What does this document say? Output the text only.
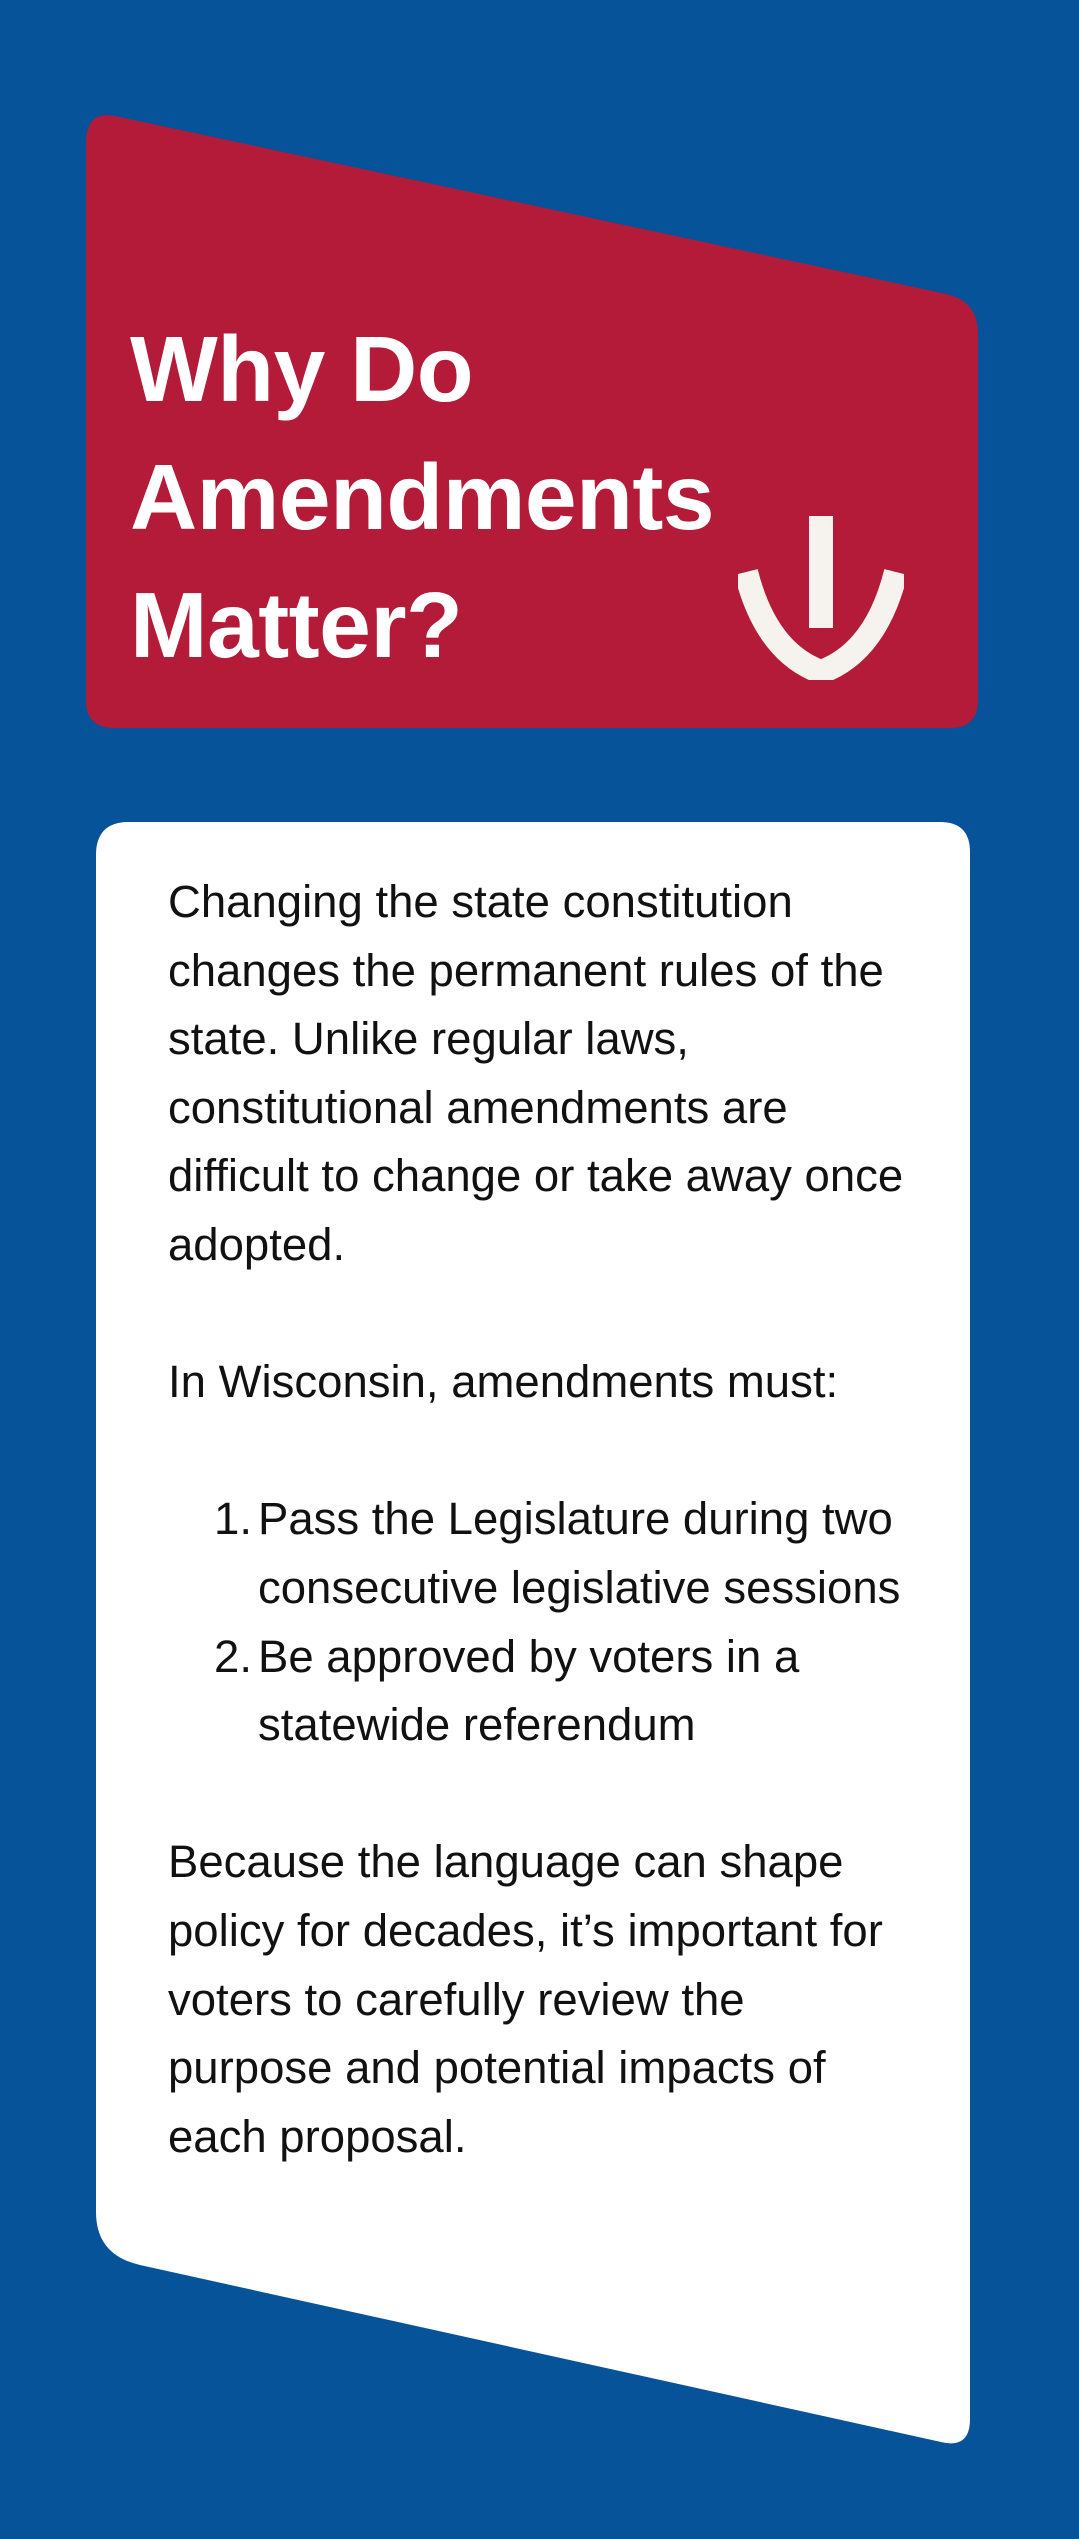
Why Do
Amendments
Matter?

Changing the state constitution changes the permanent rules of the state. Unlike regular laws, constitutional amendments are difficult to change or take away once adopted.

In Wisconsin, amendments must:

1. Pass the Legislature during two consecutive legislative sessions
2. Be approved by voters in a statewide referendum

Because the language can shape policy for decades, it’s important for voters to carefully review the purpose and potential impacts of each proposal.
